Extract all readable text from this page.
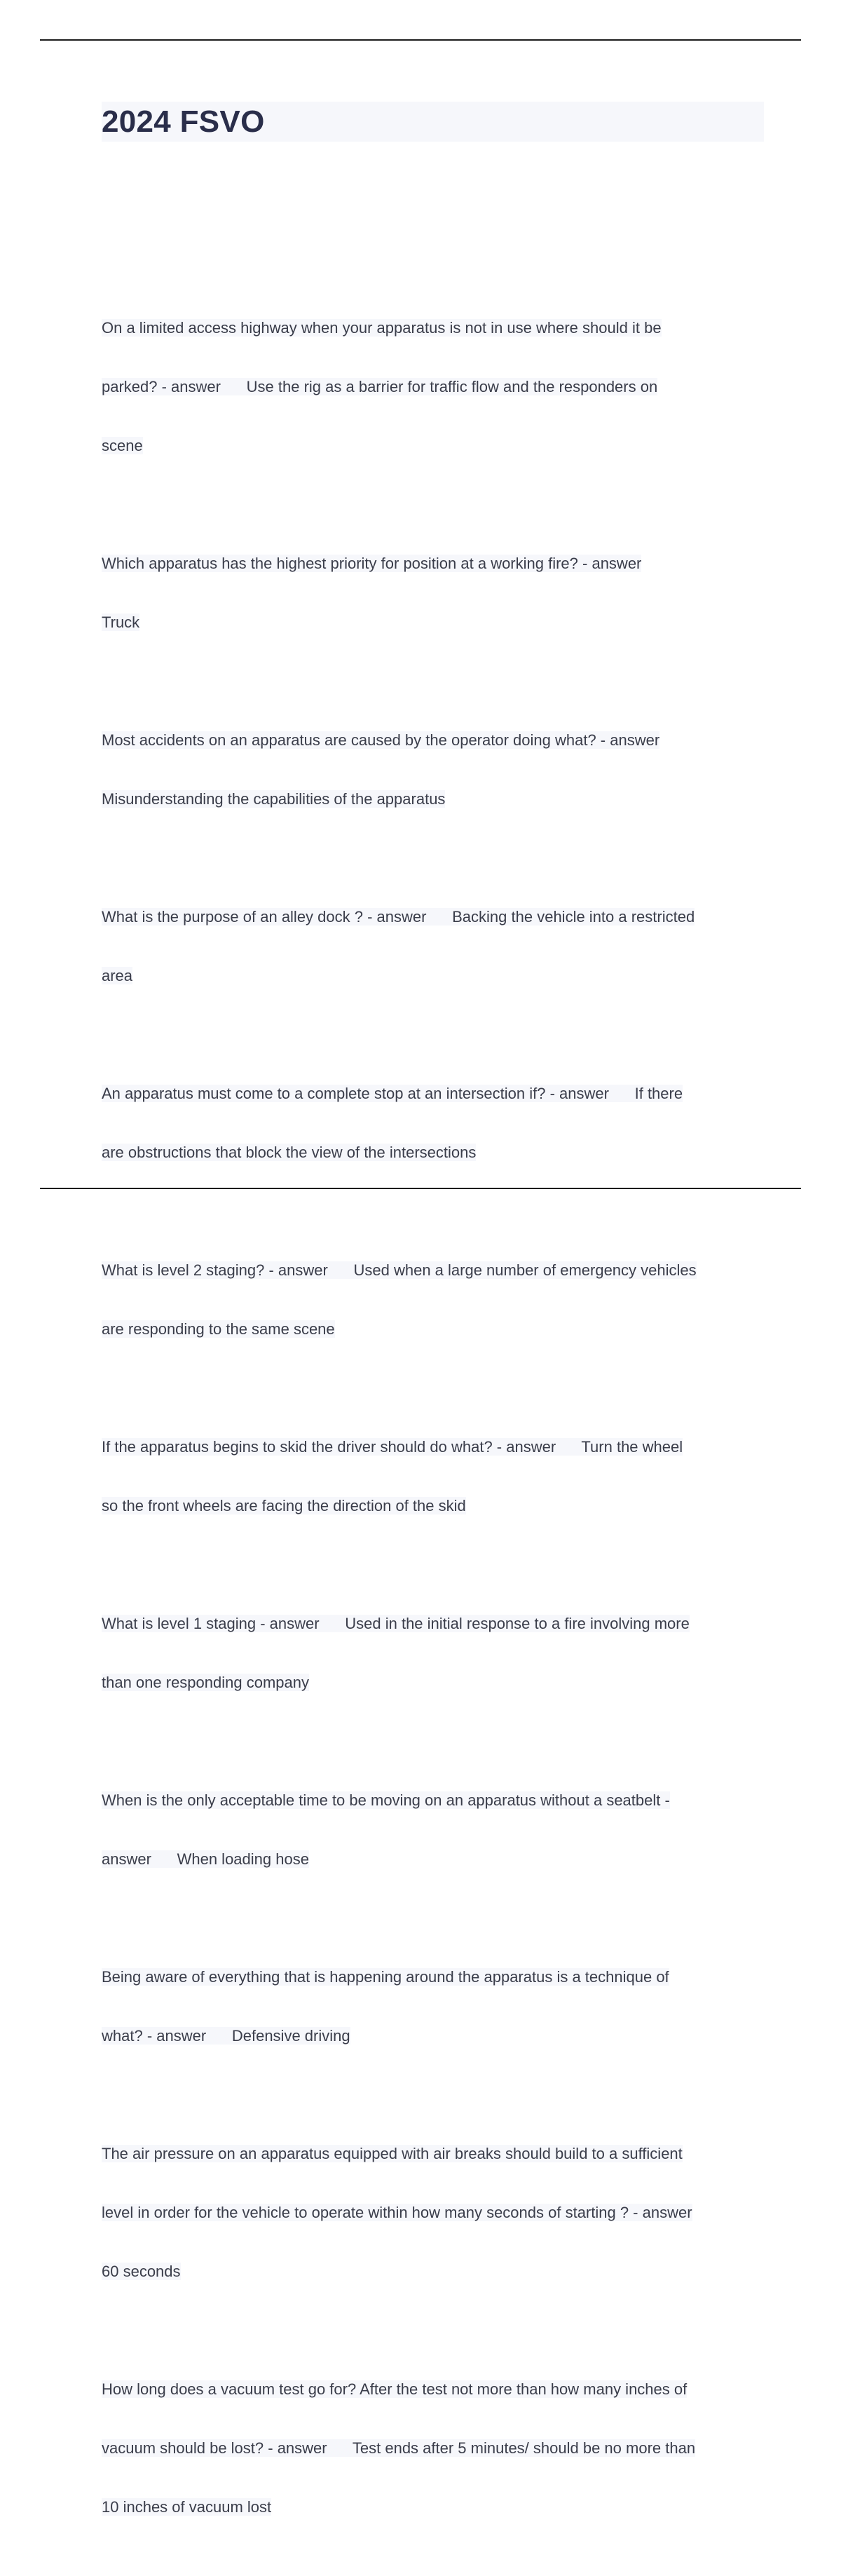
2024 FSVO

On a limited access highway when your apparatus is not in use where should it be

parked? - answer      Use the rig as a barrier for traffic flow and the responders on

scene

Which apparatus has the highest priority for position at a working fire? - answer

Truck

Most accidents on an apparatus are caused by the operator doing what? - answer

Misunderstanding the capabilities of the apparatus

What is the purpose of an alley dock ? - answer      Backing the vehicle into a restricted

area

An apparatus must come to a complete stop at an intersection if? - answer      If there

are obstructions that block the view of the intersections

What is level 2 staging? - answer      Used when a large number of emergency vehicles

are responding to the same scene

If the apparatus begins to skid the driver should do what? - answer      Turn the wheel

so the front wheels are facing the direction of the skid

What is level 1 staging - answer      Used in the initial response to a fire involving more

than one responding company

When is the only acceptable time to be moving on an apparatus without a seatbelt -

answer      When loading hose

Being aware of everything that is happening around the apparatus is a technique of

what? - answer      Defensive driving

The air pressure on an apparatus equipped with air breaks should build to a sufficient

level in order for the vehicle to operate within how many seconds of starting ? - answer

60 seconds

How long does a vacuum test go for? After the test not more than how many inches of

vacuum should be lost? - answer      Test ends after 5 minutes/ should be no more than

10 inches of vacuum lost
